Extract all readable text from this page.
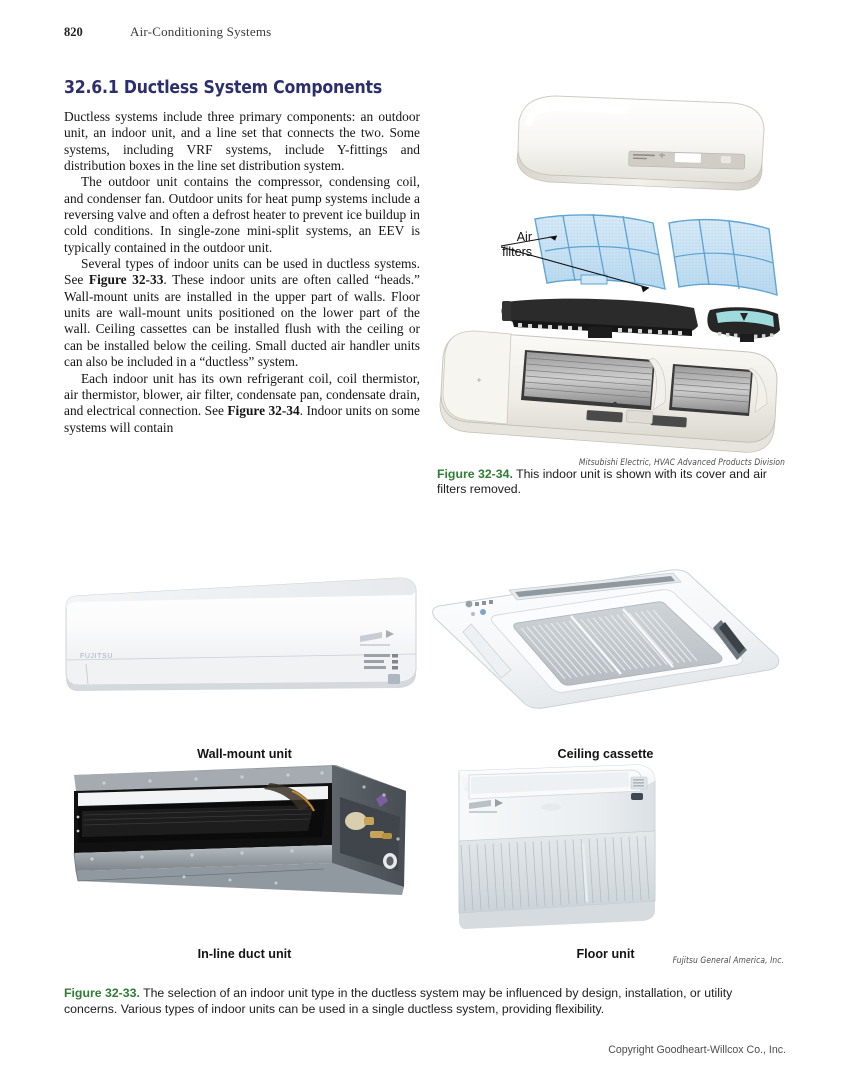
820	Air-Conditioning Systems
32.6.1 Ductless System Components

Ductless systems include three primary components: an outdoor unit, an indoor unit, and a line set that connects the two. Some systems, including VRF systems, include Y-fittings and distribution boxes in the line set distribution system.

The outdoor unit contains the compressor, condensing coil, and condenser fan. Outdoor units for heat pump systems include a reversing valve and often a defrost heater to prevent ice buildup in cold conditions. In single-zone mini-split systems, an EEV is typically contained in the outdoor unit.

Several types of indoor units can be used in ductless systems. See Figure 32-33. These indoor units are often called “heads.” Wall-mount units are installed in the upper part of walls. Floor units are wall-mount units positioned on the lower part of the wall. Ceiling cassettes can be installed flush with the ceiling or can be installed below the ceiling. Small ducted air handler units can also be included in a “ductless” system.

Each indoor unit has its own refrigerant coil, coil thermistor, air thermistor, blower, air filter, condensate pan, condensate drain, and electrical connection. See Figure 32-34. Indoor units on some systems will contain

Air
filters
Mitsubishi Electric, HVAC Advanced Products Division
Figure 32-34. This indoor unit is shown with its cover and air filters removed.
FUJITSU
Wall-mount unit	Ceiling cassette
In-line duct unit	Floor unit	Fujitsu General America, Inc.
Figure 32-33. The selection of an indoor unit type in the ductless system may be influenced by design, installation, or utility concerns. Various types of indoor units can be used in a single ductless system, providing flexibility.
Copyright Goodheart-Willcox Co., Inc.
